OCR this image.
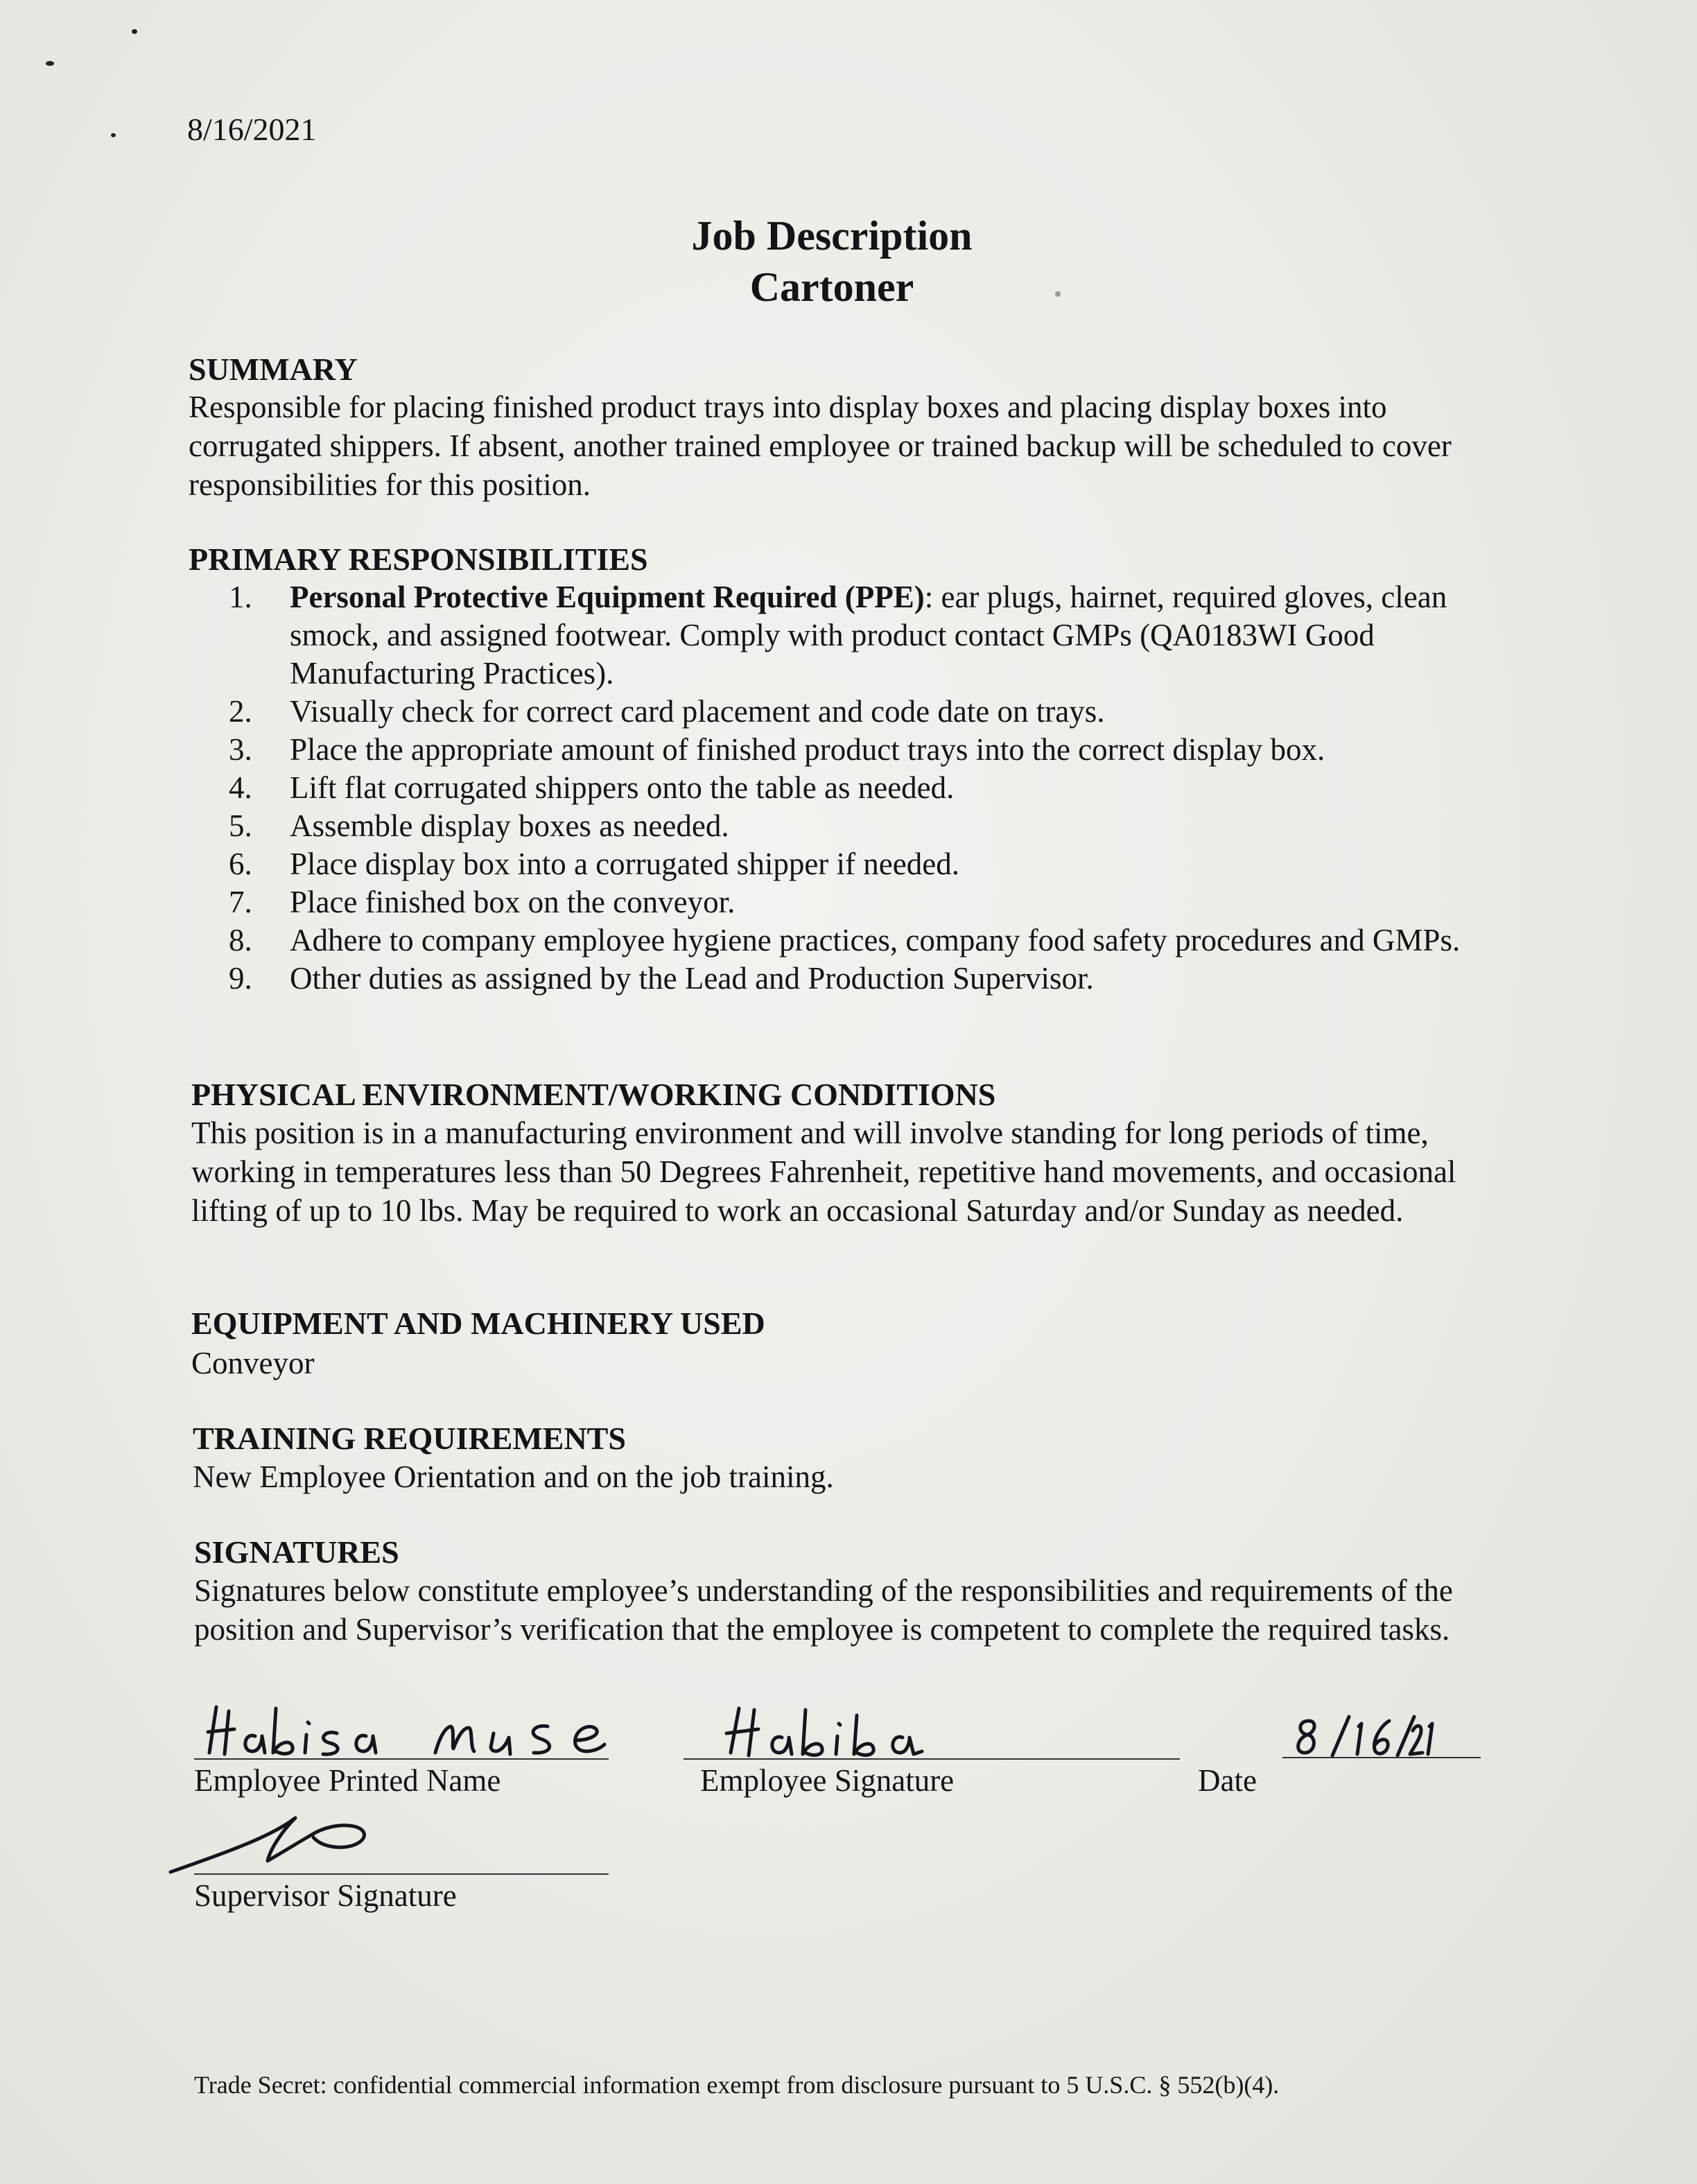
8/16/2021
Job Description
Cartoner
SUMMARY
Responsible for placing finished product trays into display boxes and placing display boxes into corrugated shippers. If absent, another trained employee or trained backup will be scheduled to cover responsibilities for this position.
PRIMARY RESPONSIBILITIES
1.	Personal Protective Equipment Required (PPE): ear plugs, hairnet, required gloves, clean smock, and assigned footwear. Comply with product contact GMPs (QA0183WI Good Manufacturing Practices).
2.	Visually check for correct card placement and code date on trays.
3.	Place the appropriate amount of finished product trays into the correct display box.
4.	Lift flat corrugated shippers onto the table as needed.
5.	Assemble display boxes as needed.
6.	Place display box into a corrugated shipper if needed.
7.	Place finished box on the conveyor.
8.	Adhere to company employee hygiene practices, company food safety procedures and GMPs.
9.	Other duties as assigned by the Lead and Production Supervisor.
PHYSICAL ENVIRONMENT/WORKING CONDITIONS
This position is in a manufacturing environment and will involve standing for long periods of time, working in temperatures less than 50 Degrees Fahrenheit, repetitive hand movements, and occasional lifting of up to 10 lbs. May be required to work an occasional Saturday and/or Sunday as needed.
EQUIPMENT AND MACHINERY USED
Conveyor
TRAINING REQUIREMENTS
New Employee Orientation and on the job training.
SIGNATURES
Signatures below constitute employee’s understanding of the responsibilities and requirements of the position and Supervisor’s verification that the employee is competent to complete the required tasks.
Employee Printed Name	Employee Signature	Date
Supervisor Signature
Trade Secret: confidential commercial information exempt from disclosure pursuant to 5 U.S.C. § 552(b)(4).
